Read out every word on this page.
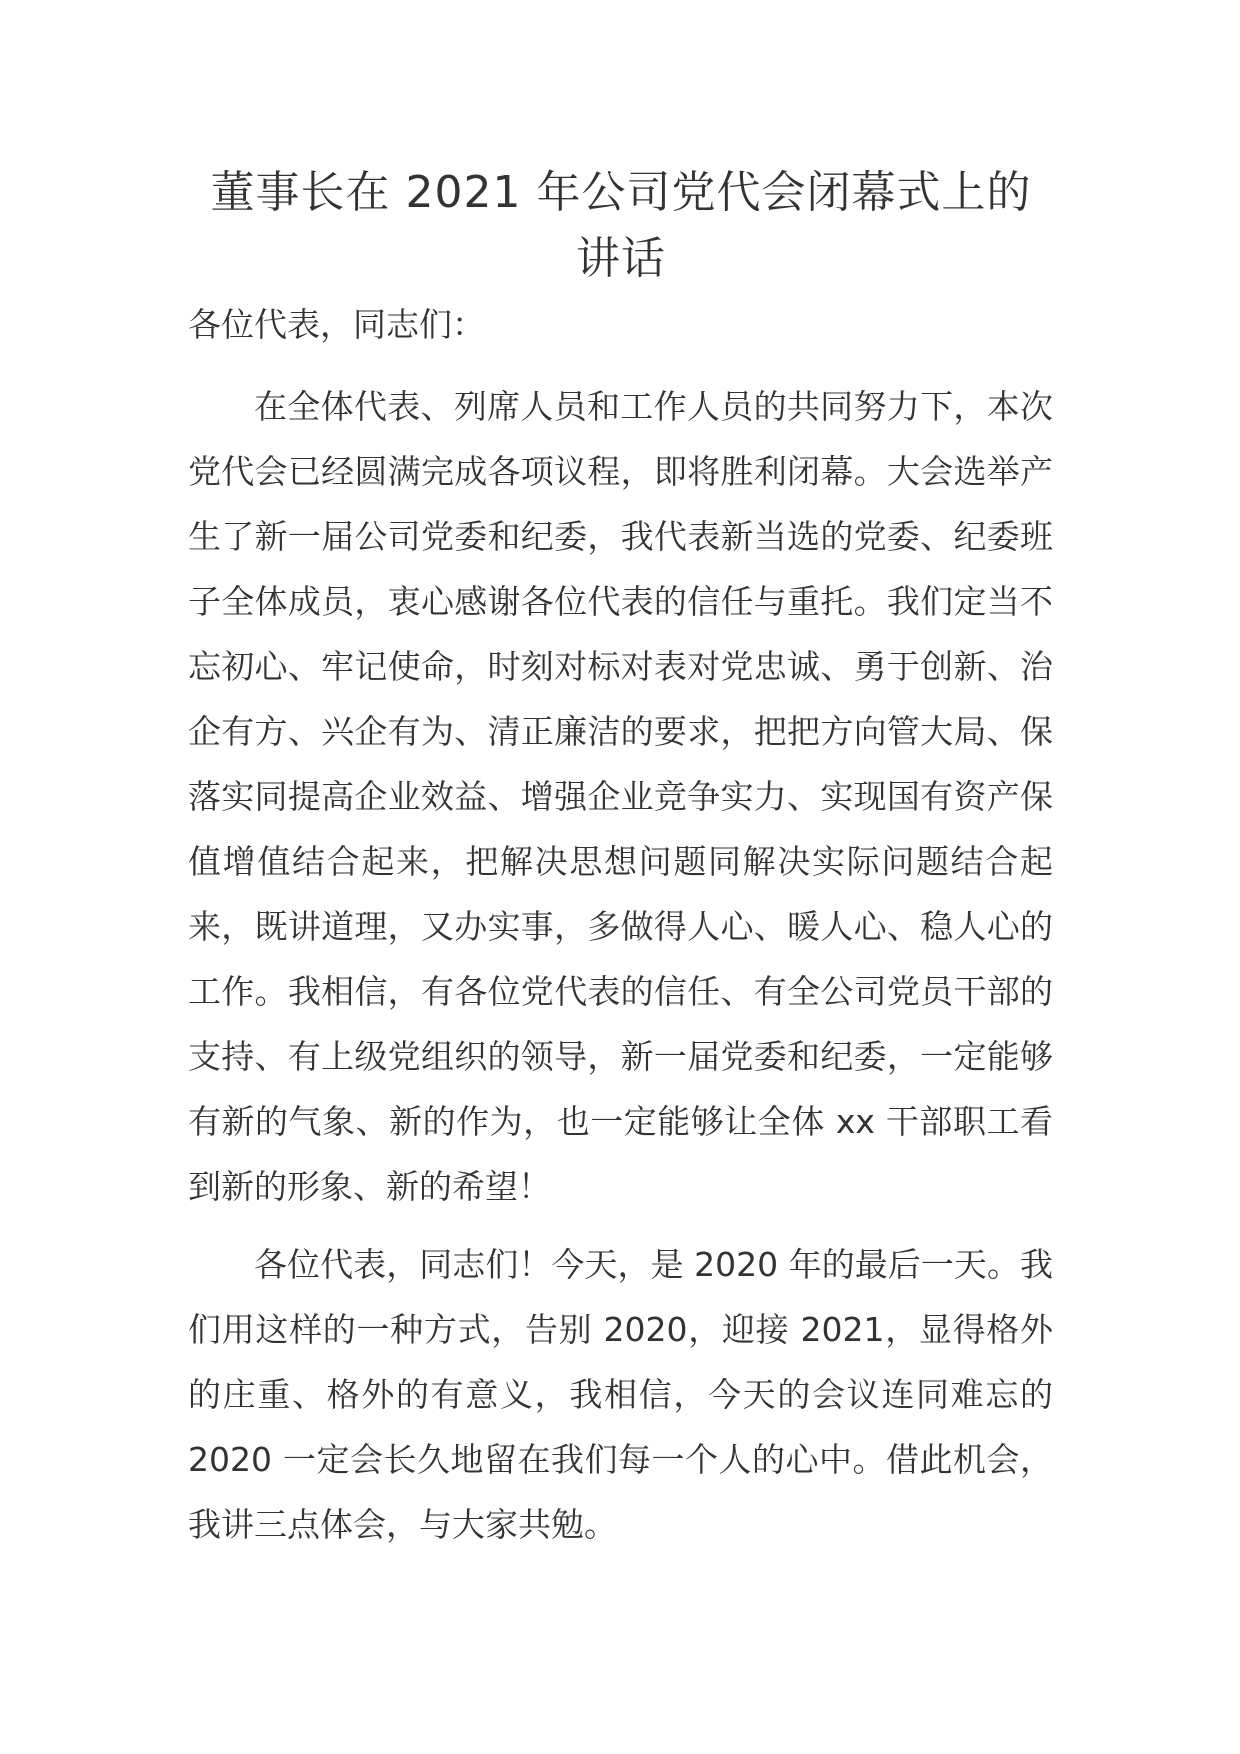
董事长在 2021 年公司党代会闭幕式上的讲话

各位代表，同志们：

在全体代表、列席人员和工作人员的共同努力下，本次党代会已经圆满完成各项议程，即将胜利闭幕。大会选举产生了新一届公司党委和纪委，我代表新当选的党委、纪委班子全体成员，衷心感谢各位代表的信任与重托。我们定当不忘初心、牢记使命，时刻对标对表对党忠诚、勇于创新、治企有方、兴企有为、清正廉洁的要求，把把方向管大局、保落实同提高企业效益、增强企业竞争实力、实现国有资产保值增值结合起来，把解决思想问题同解决实际问题结合起来，既讲道理，又办实事，多做得人心、暖人心、稳人心的工作。我相信，有各位党代表的信任、有全公司党员干部的支持、有上级党组织的领导，新一届党委和纪委，一定能够有新的气象、新的作为，也一定能够让全体 xx 干部职工看到新的形象、新的希望！

各位代表，同志们！今天，是 2020 年的最后一天。我们用这样的一种方式，告别 2020，迎接 2021，显得格外的庄重、格外的有意义，我相信，今天的会议连同难忘的 2020 一定会长久地留在我们每一个人的心中。借此机会，我讲三点体会，与大家共勉。
